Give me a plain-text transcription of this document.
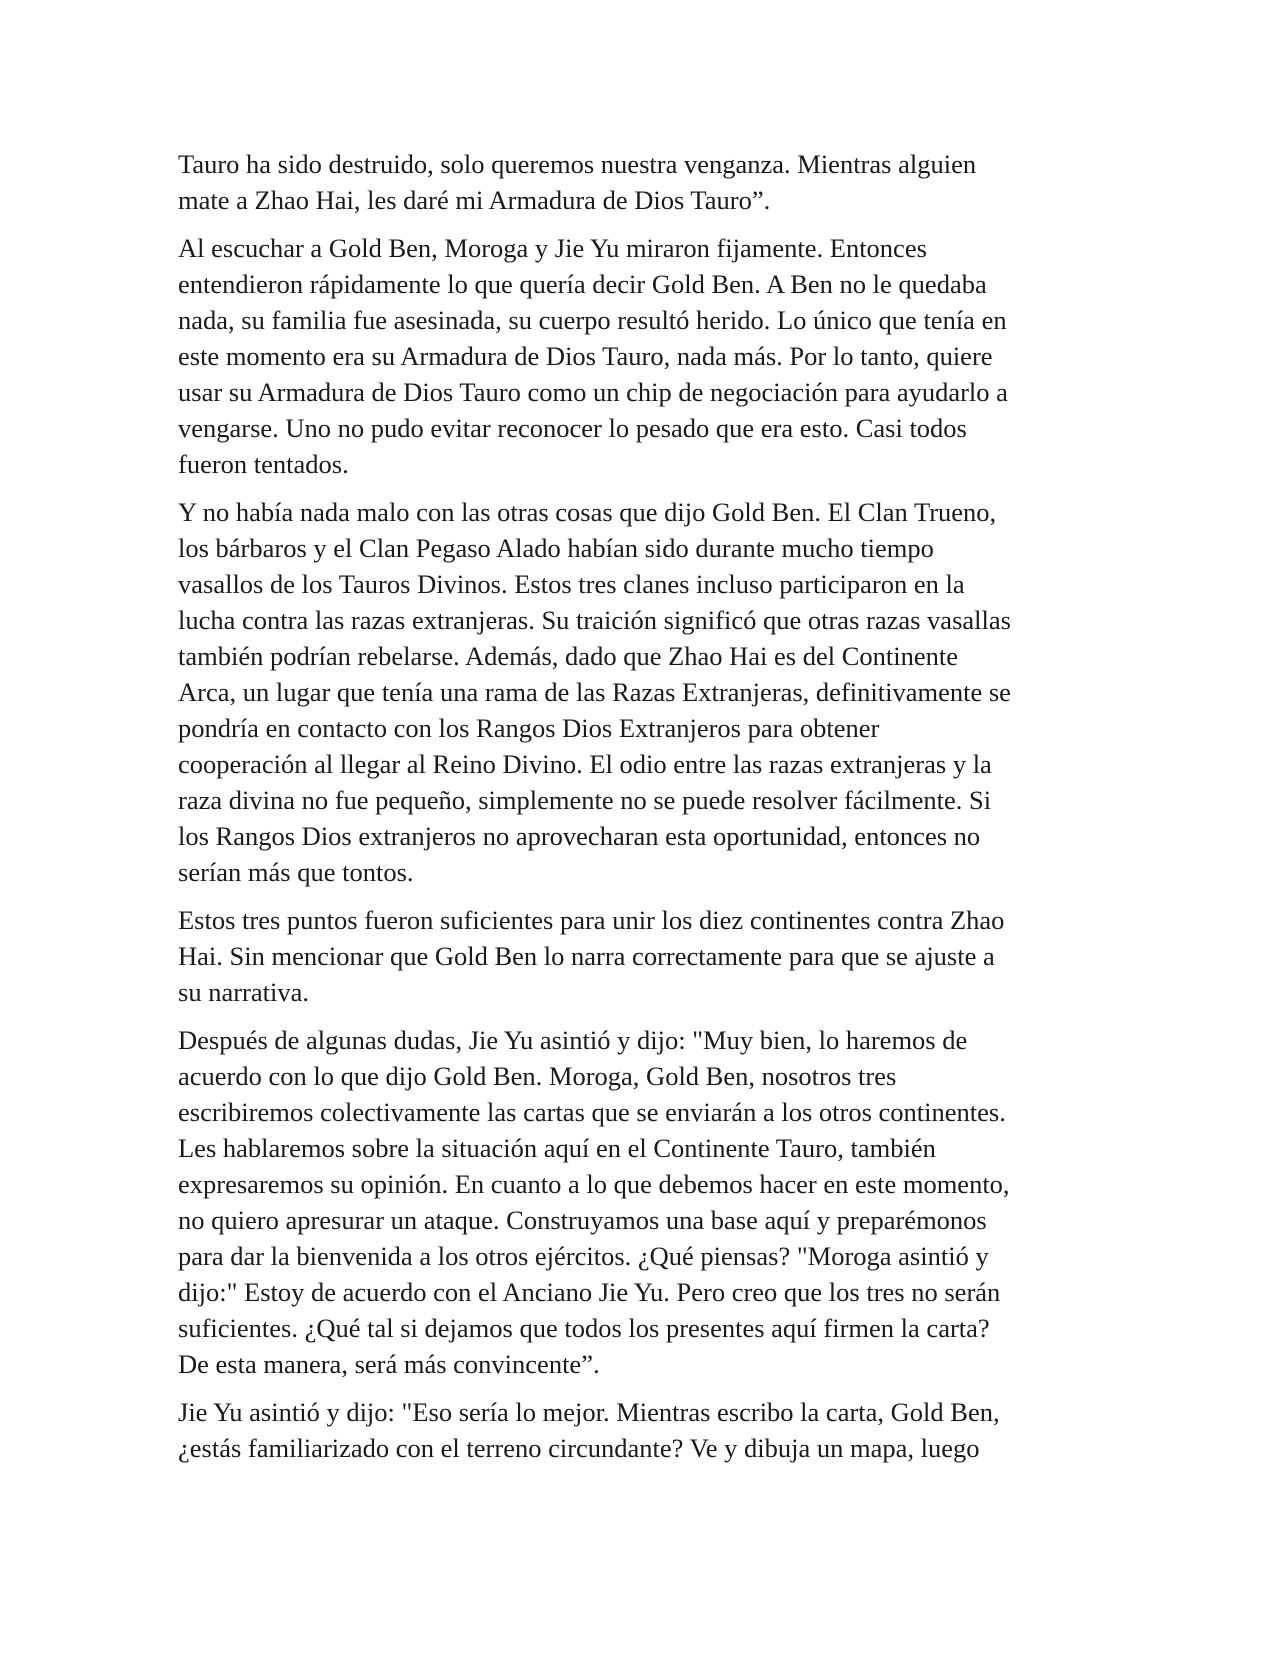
Tauro ha sido destruido, solo queremos nuestra venganza. Mientras alguien
mate a Zhao Hai, les daré mi Armadura de Dios Tauro”.

Al escuchar a Gold Ben, Moroga y Jie Yu miraron fijamente. Entonces
entendieron rápidamente lo que quería decir Gold Ben. A Ben no le quedaba
nada, su familia fue asesinada, su cuerpo resultó herido. Lo único que tenía en
este momento era su Armadura de Dios Tauro, nada más. Por lo tanto, quiere
usar su Armadura de Dios Tauro como un chip de negociación para ayudarlo a
vengarse. Uno no pudo evitar reconocer lo pesado que era esto. Casi todos
fueron tentados.

Y no había nada malo con las otras cosas que dijo Gold Ben. El Clan Trueno,
los bárbaros y el Clan Pegaso Alado habían sido durante mucho tiempo
vasallos de los Tauros Divinos. Estos tres clanes incluso participaron en la
lucha contra las razas extranjeras. Su traición significó que otras razas vasallas
también podrían rebelarse. Además, dado que Zhao Hai es del Continente
Arca, un lugar que tenía una rama de las Razas Extranjeras, definitivamente se
pondría en contacto con los Rangos Dios Extranjeros para obtener
cooperación al llegar al Reino Divino. El odio entre las razas extranjeras y la
raza divina no fue pequeño, simplemente no se puede resolver fácilmente. Si
los Rangos Dios extranjeros no aprovecharan esta oportunidad, entonces no
serían más que tontos.

Estos tres puntos fueron suficientes para unir los diez continentes contra Zhao
Hai. Sin mencionar que Gold Ben lo narra correctamente para que se ajuste a
su narrativa.

Después de algunas dudas, Jie Yu asintió y dijo: "Muy bien, lo haremos de
acuerdo con lo que dijo Gold Ben. Moroga, Gold Ben, nosotros tres
escribiremos colectivamente las cartas que se enviarán a los otros continentes.
Les hablaremos sobre la situación aquí en el Continente Tauro, también
expresaremos su opinión. En cuanto a lo que debemos hacer en este momento,
no quiero apresurar un ataque. Construyamos una base aquí y preparémonos
para dar la bienvenida a los otros ejércitos. ¿Qué piensas? "Moroga asintió y
dijo:" Estoy de acuerdo con el Anciano Jie Yu. Pero creo que los tres no serán
suficientes. ¿Qué tal si dejamos que todos los presentes aquí firmen la carta?
De esta manera, será más convincente”.

Jie Yu asintió y dijo: "Eso sería lo mejor. Mientras escribo la carta, Gold Ben,
¿estás familiarizado con el terreno circundante? Ve y dibuja un mapa, luego
